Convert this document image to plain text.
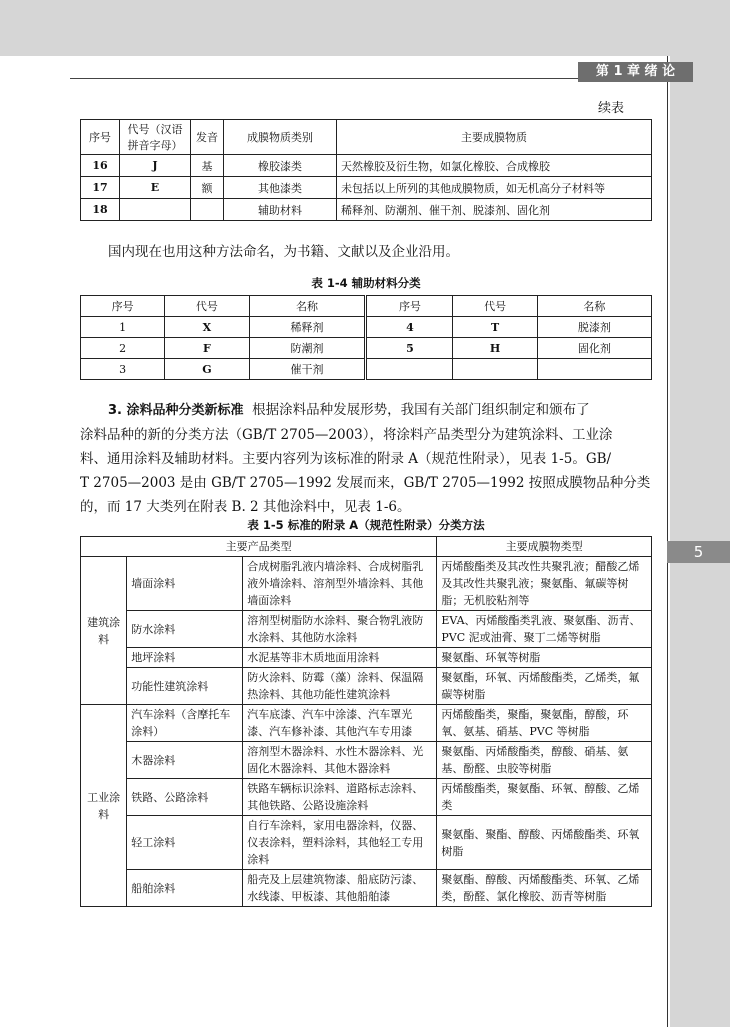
第 1 章 绪 论
5
续表
序号	代号（汉语拼音字母）	发音	成膜物质类别	主要成膜物质
16	J	基	橡胶漆类	天然橡胶及衍生物，如氯化橡胶、合成橡胶
17	E	额	其他漆类	未包括以上所列的其他成膜物质，如无机高分子材料等
18			辅助材料	稀释剂、防潮剂、催干剂、脱漆剂、固化剂
国内现在也用这种方法命名，为书籍、文献以及企业沿用。
表 1-4 辅助材料分类
序号	代号	名称	序号	代号	名称
1	X	稀释剂	4	T	脱漆剂
2	F	防潮剂	5	H	固化剂
3	G	催干剂			
3. 涂料品种分类新标准 根据涂料品种发展形势，我国有关部门组织制定和颁布了
涂料品种的新的分类方法（GB/T 2705—2003），将涂料产品类型分为建筑涂料、工业涂
料、通用涂料及辅助材料。主要内容列为该标准的附录 A（规范性附录），见表 1-5。GB/
T 2705—2003 是由 GB/T 2705—1992 发展而来，GB/T 2705—1992 按照成膜物品种分类
的，而 17 大类列在附表 B. 2 其他涂料中，见表 1-6。
表 1-5 标准的附录 A（规范性附录）分类方法
主要产品类型			主要成膜物类型
建筑涂料	墙面涂料	合成树脂乳液内墙涂料、合成树脂乳液外墙涂料、溶剂型外墙涂料、其他墙面涂料	丙烯酸酯类及其改性共聚乳液；醋酸乙烯及其改性共聚乳液；聚氨酯、氟碳等树脂；无机胶粘剂等
	防水涂料	溶剂型树脂防水涂料、聚合物乳液防水涂料、其他防水涂料	EVA、丙烯酸酯类乳液、聚氨酯、沥青、PVC 泥或油膏、聚丁二烯等树脂
	地坪涂料	水泥基等非木质地面用涂料	聚氨酯、环氧等树脂
	功能性建筑涂料	防火涂料、防霉（藻）涂料、保温隔热涂料、其他功能性建筑涂料	聚氨酯，环氧、丙烯酸酯类，乙烯类，氟碳等树脂
工业涂料	汽车涂料（含摩托车涂料）	汽车底漆、汽车中涂漆、汽车罩光漆、汽车修补漆、其他汽车专用漆	丙烯酸酯类，聚酯，聚氨酯，醇酸，环氧、氨基、硝基、PVC 等树脂
	木器涂料	溶剂型木器涂料、水性木器涂料、光固化木器涂料、其他木器涂料	聚氨酯、丙烯酸酯类，醇酸、硝基、氨基、酚醛、虫胶等树脂
	铁路、公路涂料	铁路车辆标识涂料、道路标志涂料、其他铁路、公路设施涂料	丙烯酸酯类，聚氨酯、环氧、醇酸、乙烯类
	轻工涂料	自行车涂料，家用电器涂料，仪器、仪表涂料，塑料涂料，其他轻工专用涂料	聚氨酯、聚酯、醇酸、丙烯酸酯类、环氧树脂
	船舶涂料	船壳及上层建筑物漆、船底防污漆、水线漆、甲板漆、其他船舶漆	聚氨酯、醇酸、丙烯酸酯类、环氧、乙烯类，酚醛、氯化橡胶、沥青等树脂
